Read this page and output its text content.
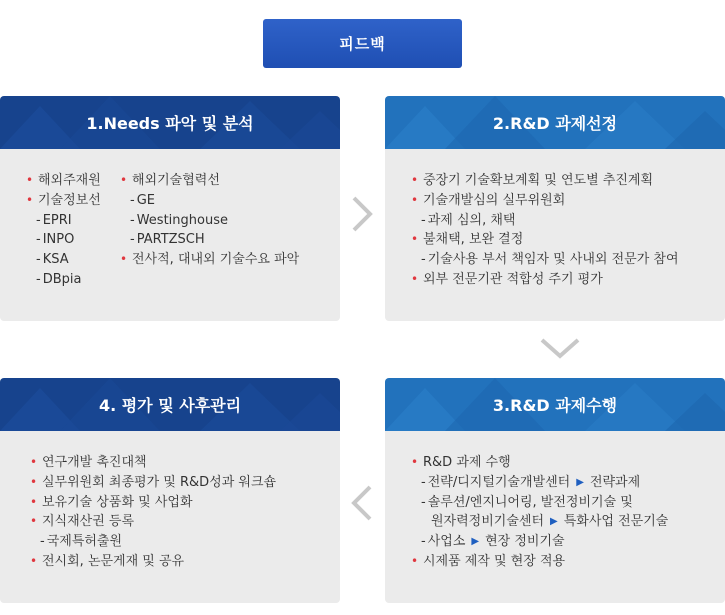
피드백
1.Needs 파악 및 분석
• 해외주재원
• 기술정보선
- EPRI
- INPO
- KSA
- DBpia
• 해외기술협력선
- GE
- Westinghouse
- PARTZSCH
• 전사적, 대내외 기술수요 파악
2.R&D 과제선정
• 중장기 기술확보계획 및 연도별 추진계획
• 기술개발심의 실무위원회
- 과제 심의, 채택
• 불채택, 보완 결정
- 기술사용 부서 책임자 및 사내외 전문가 참여
• 외부 전문기관 적합성 주기 평가
4. 평가 및 사후관리
• 연구개발 촉진대책
• 실무위원회 최종평가 및 R&D성과 워크숍
• 보유기술 상품화 및 사업화
• 지식재산권 등록
- 국제특허출원
• 전시회, 논문게재 및 공유
3.R&D 과제수행
• R&D 과제 수행
- 전략/디지털기술개발센터 ▶ 전략과제
- 솔루션/엔지니어링, 발전정비기술 및
원자력정비기술센터 ▶ 특화사업 전문기술
- 사업소 ▶ 현장 정비기술
• 시제품 제작 및 현장 적용
